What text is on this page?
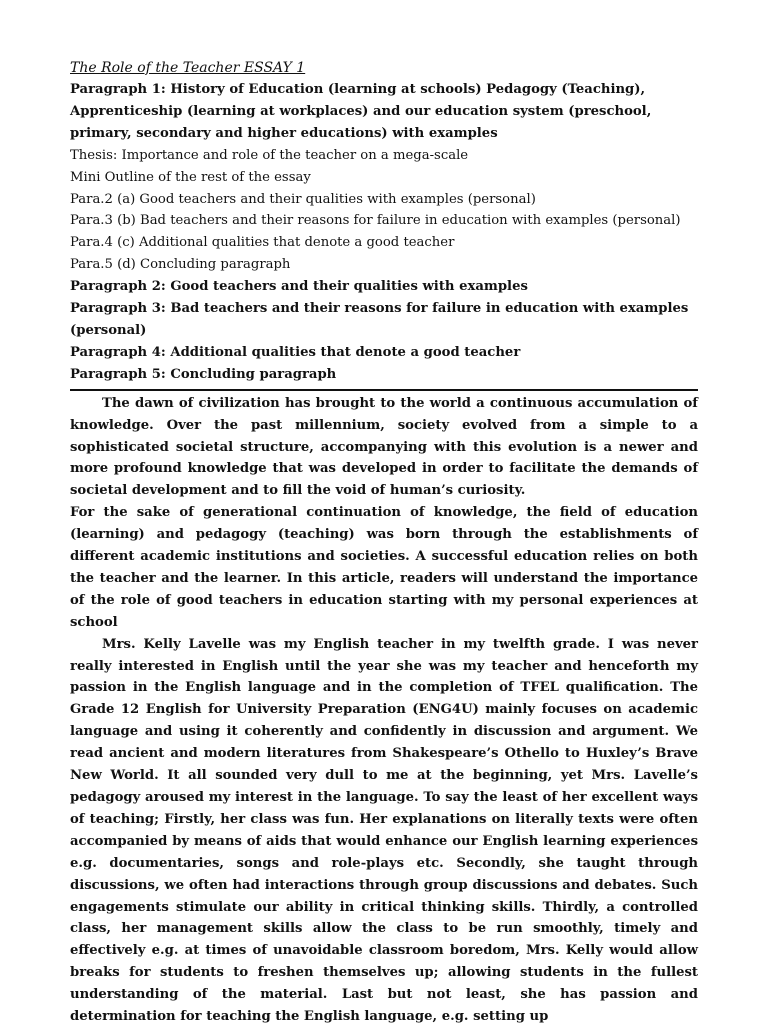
The Role of the Teacher ESSAY 1

Paragraph 1: History of Education (learning at schools) Pedagogy (Teaching), Apprenticeship (learning at workplaces) and our education system (preschool, primary, secondary and higher educations) with examples

Thesis: Importance and role of the teacher on a mega-scale

Mini Outline of the rest of the essay

Para.2 (a) Good teachers and their qualities with examples (personal)

Para.3 (b) Bad teachers and their reasons for failure in education with examples (personal)

Para.4 (c) Additional qualities that denote a good teacher

Para.5 (d) Concluding paragraph

Paragraph 2: Good teachers and their qualities with examples

Paragraph 3: Bad teachers and their reasons for failure in education with examples (personal)

Paragraph 4: Additional qualities that denote a good teacher

Paragraph 5: Concluding paragraph

The dawn of civilization has brought to the world a continuous accumulation of knowledge. Over the past millennium, society evolved from a simple to a sophisticated societal structure, accompanying with this evolution is a newer and more profound knowledge that was developed in order to facilitate the demands of societal development and to fill the void of human’s curiosity.

For the sake of generational continuation of knowledge, the field of education (learning) and pedagogy (teaching) was born through the establishments of different academic institutions and societies. A successful education relies on both the teacher and the learner. In this article, readers will understand the importance of the role of good teachers in education starting with my personal experiences at school

Mrs. Kelly Lavelle was my English teacher in my twelfth grade. I was never really interested in English until the year she was my teacher and henceforth my passion in the English language and in the completion of TFEL qualification. The Grade 12 English for University Preparation (ENG4U) mainly focuses on academic language and using it coherently and confidently in discussion and argument. We read ancient and modern literatures from Shakespeare’s Othello to Huxley’s Brave New World. It all sounded very dull to me at the beginning, yet Mrs. Lavelle’s pedagogy aroused my interest in the language. To say the least of her excellent ways of teaching; Firstly, her class was fun. Her explanations on literally texts were often accompanied by means of aids that would enhance our English learning experiences e.g. documentaries, songs and role-plays etc. Secondly, she taught through discussions, we often had interactions through group discussions and debates. Such engagements stimulate our ability in critical thinking skills. Thirdly, a controlled class, her management skills allow the class to be run smoothly, timely and effectively e.g. at times of unavoidable classroom boredom, Mrs. Kelly would allow breaks for students to freshen themselves up; allowing students in the fullest understanding of the material. Last but not least, she has passion and determination for teaching the English language, e.g. setting up
